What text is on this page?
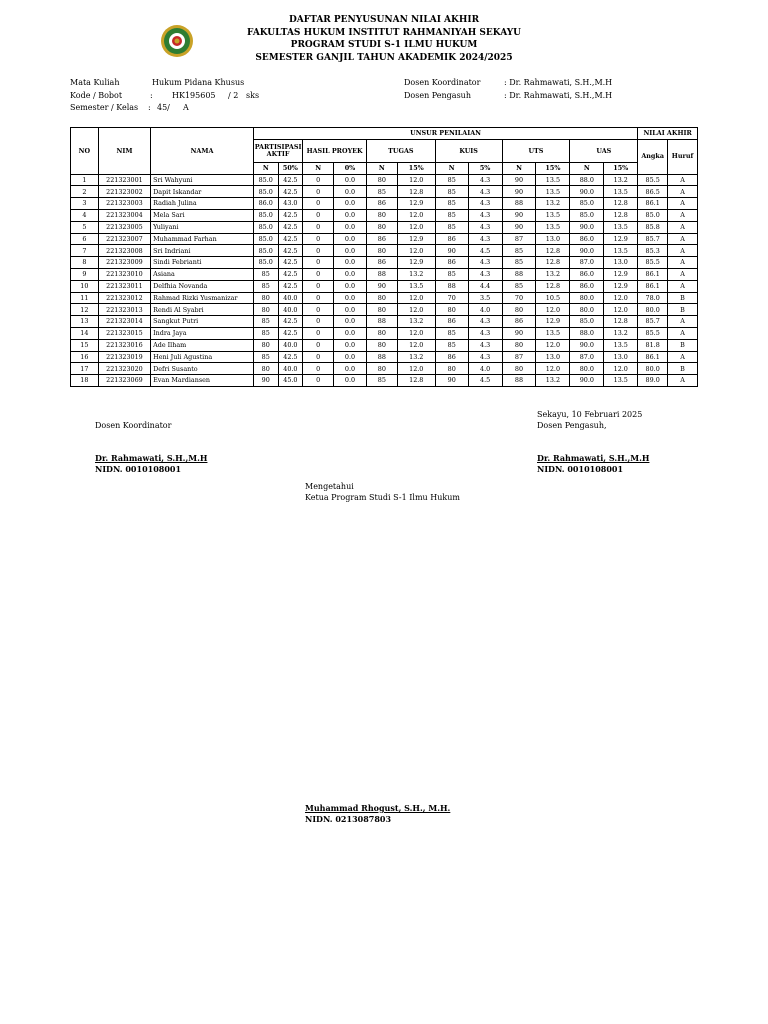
DAFTAR PENYUSUNAN NILAI AKHIR
FAKULTAS HUKUM INSTITUT RAHMANIYAH SEKAYU
PROGRAM STUDI S-1 ILMU HUKUM
SEMESTER GANJIL TAHUN AKADEMIK 2024/2025
Mata Kuliah	Hukum Pidana Khusus
Kode / Bobot	:	HK195605	/ 2 sks
Semester / Kelas	: 45/	A
Dosen Koordinator	: Dr. Rahmawati, S.H.,M.H
Dosen Pengasuh	: Dr. Rahmawati, S.H.,M.H
NO	NIM	NAMA	UNSUR PENILAIAN												NILAI AKHIR	
			PARTISIPASI AKTIF		HASIL PROYEK		TUGAS		KUIS		UTS		UAS		Angka	Huruf
			N	50%	N	0%	N	15%	N	5%	N	15%	N	15%		
1	221323001	Sri Wahyuni	85.0	42.5	0	0.0	80	12.0	85	4.3	90	13.5	88.0	13.2	85.5	A
2	221323002	Dapit Iskandar	85.0	42.5	0	0.0	85	12.8	85	4.3	90	13.5	90.0	13.5	86.5	A
3	221323003	Radiah Julina	86.0	43.0	0	0.0	86	12.9	85	4.3	88	13.2	85.0	12.8	86.1	A
4	221323004	Mela Sari	85.0	42.5	0	0.0	80	12.0	85	4.3	90	13.5	85.0	12.8	85.0	A
5	221323005	Yuliyani	85.0	42.5	0	0.0	80	12.0	85	4.3	90	13.5	90.0	13.5	85.8	A
6	221323007	Muhammad Farhan	85.0	42.5	0	0.0	86	12.9	86	4.3	87	13.0	86.0	12.9	85.7	A
7	221323008	Sri Indriani	85.0	42.5	0	0.0	80	12.0	90	4.5	85	12.8	90.0	13.5	85.3	A
8	221323009	Sindi Febrianti	85.0	42.5	0	0.0	86	12.9	86	4.3	85	12.8	87.0	13.0	85.5	A
9	221323010	Asiana	85	42.5	0	0.0	88	13.2	85	4.3	88	13.2	86.0	12.9	86.1	A
10	221323011	Delfhia Novanda	85	42.5	0	0.0	90	13.5	88	4.4	85	12.8	86.0	12.9	86.1	A
11	221323012	Rahmad Rizki Yusmanizar	80	40.0	0	0.0	80	12.0	70	3.5	70	10.5	80.0	12.0	78.0	B
12	221323013	Rendi Al Syabri	80	40.0	0	0.0	80	12.0	80	4.0	80	12.0	80.0	12.0	80.0	B
13	221323014	Sangkut Putri	85	42.5	0	0.0	88	13.2	86	4.3	86	12.9	85.0	12.8	85.7	A
14	221323015	Indra Jaya	85	42.5	0	0.0	80	12.0	85	4.3	90	13.5	88.0	13.2	85.5	A
15	221323016	Ade Ilham	80	40.0	0	0.0	80	12.0	85	4.3	80	12.0	90.0	13.5	81.8	B
16	221323019	Heni Juli Agustina	85	42.5	0	0.0	88	13.2	86	4.3	87	13.0	87.0	13.0	86.1	A
17	221323020	Defri Susanto	80	40.0	0	0.0	80	12.0	80	4.0	80	12.0	80.0	12.0	80.0	B
18	221323069	Evan Mardiansen	90	45.0	0	0.0	85	12.8	90	4.5	88	13.2	90.0	13.5	89.0	A
Sekayu, 10 Februari 2025
Dosen Pengasuh,
Dr. Rahmawati, S.H.,M.H
NIDN. 0010108001
Dosen Koordinator
Dr. Rahmawati, S.H.,M.H
NIDN. 0010108001
Mengetahui
Ketua Program Studi S-1 Ilmu Hukum
Muhammad Rhogust, S.H., M.H.
NIDN. 0213087803
